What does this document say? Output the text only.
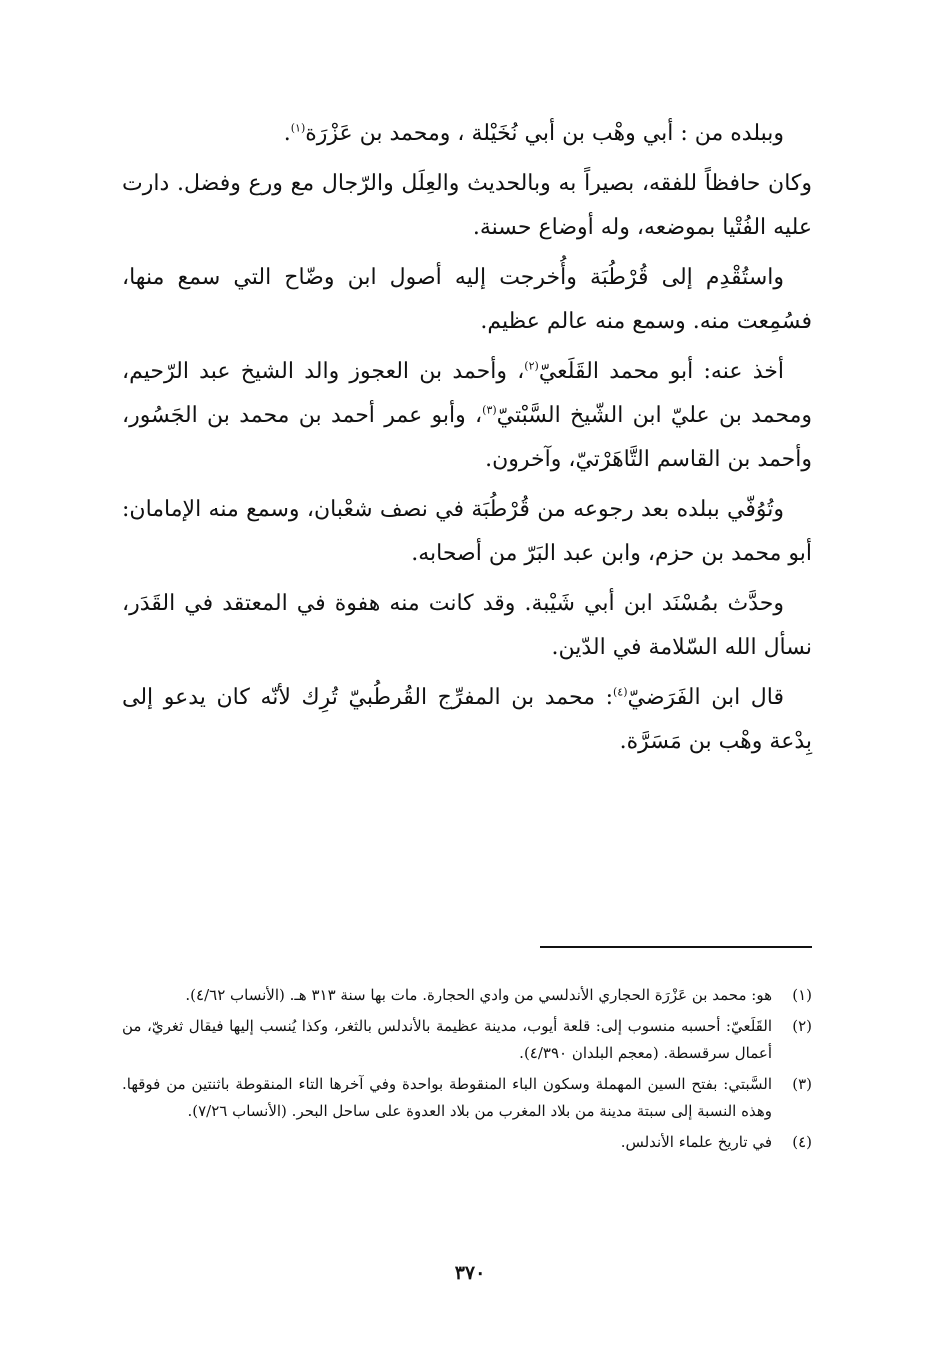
وببلده من : أبي وهْب بن أبي نُخَيْلة ، ومحمد بن عَزْرَة$^{(١)}$.

وكان حافظاً للفقه، بصيراً به وبالحديث والعِلَل والرّجال مع ورع وفضل. دارت عليه الفُتْيا بموضعه، وله أوضاع حسنة.

واستُقْدِم إلى قُرْطُبَة وأُخرجت إليه أصول ابن وضّاح التي سمع منها، فسُمِعت منه. وسمع منه عالم عظيم.

أخذ عنه: أبو محمد القَلَعيّ$^{(٢)}$، وأحمد بن العجوز والد الشيخ عبد الرّحيم، ومحمد بن عليّ ابن الشّيخ السَّبْتيّ$^{(٣)}$، وأبو عمر أحمد بن محمد بن الجَسُور، وأحمد بن القاسم التَّاهَرْتيّ، وآخرون.

وتُوُفّي ببلده بعد رجوعه من قُرْطُبَة في نصف شعْبان، وسمع منه الإمامان: أبو محمد بن حزم، وابن عبد البَرّ من أصحابه.

وحدَّث بمُسْنَد ابن أبي شَيْبة. وقد كانت منه هفوة في المعتقد في القَدَر، نسأل الله السّلامة في الدّين.

قال ابن الفَرَضيّ$^{(٤)}$: محمد بن المفرِّج القُرطُبيّ تُرِك لأنّه كان يدعو إلى بِدْعة وهْب بن مَسَرَّة.

(١)
هو: محمد بن عَزْرَة الحجاري الأندلسي من وادي الحجارة. مات بها سنة ٣١٣ هـ. (الأنساب ٤/٦٢).
(٢)
القَلَعيّ: أحسبه منسوب إلى: قلعة أيوب، مدينة عظيمة بالأندلس بالثغر، وكذا يُنسب إليها فيقال ثغريّ، من أعمال سرقسطة. (معجم البلدان ٤/٣٩٠).
(٣)
السَّبتي: بفتح السين المهملة وسكون الباء المنقوطة بواحدة وفي آخرها التاء المنقوطة باثنتين من فوقها. وهذه النسبة إلى سبتة مدينة من بلاد المغرب من بلاد العدوة على ساحل البحر. (الأنساب ٧/٢٦).
(٤)
في تاريخ علماء الأندلس.
٣٧٠
